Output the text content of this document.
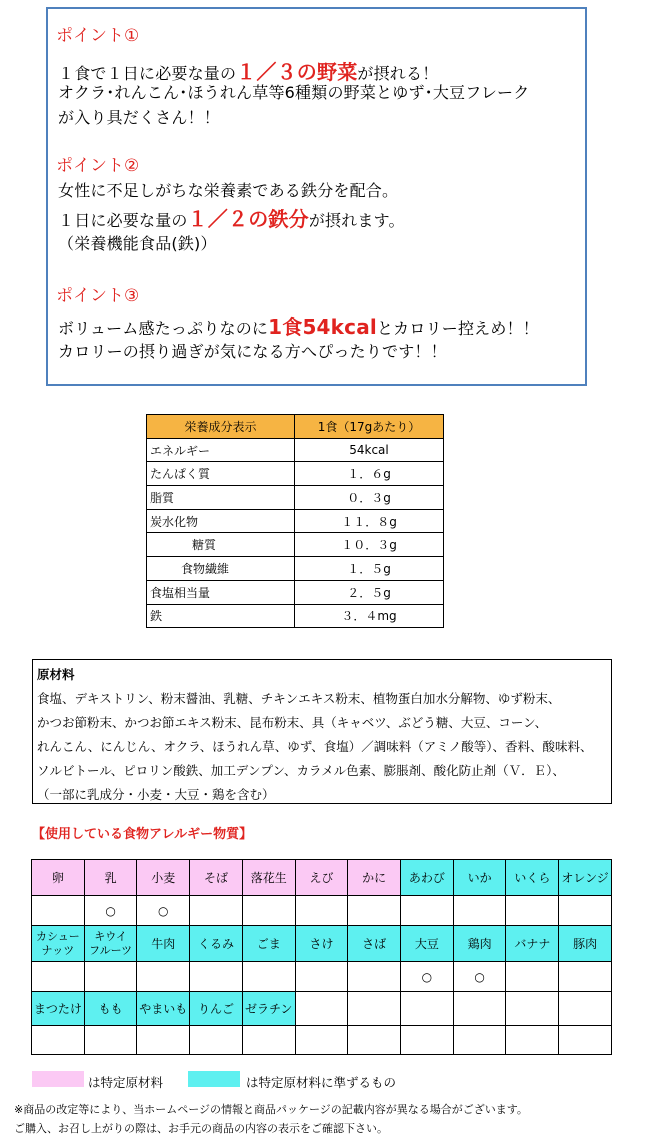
ポイント①
１食で１日に必要な量の１／３の野菜が摂れる！
オクラ･れんこん･ほうれん草等6種類の野菜とゆず･大豆フレーク
が入り具だくさん！！
ポイント②
女性に不足しがちな栄養素である鉄分を配合。
１日に必要な量の１／２の鉄分が摂れます。
（栄養機能食品(鉄)）
ポイント③
ボリューム感たっぷりなのに1食54kcalとカロリー控えめ！！
カロリーの摂り過ぎが気になる方へぴったりです！！
栄養成分表示	1食（17gあたり）
エネルギー	54kcal
たんぱく質	１．６g
脂質	０．３g
炭水化物	１１．８g
糖質	１０．３g
食物繊維	１．５g
食塩相当量	２．５g
鉄	３．４mg
原材料
食塩、デキストリン、粉末醤油、乳糖、チキンエキス粉末、植物蛋白加水分解物、ゆず粉末、
かつお節粉末、かつお節エキス粉末、昆布粉末、具（キャベツ、ぶどう糖、大豆、コーン、
れんこん、にんじん、オクラ、ほうれん草、ゆず、食塩）／調味料（アミノ酸等）、香料、酸味料、
ソルビトール、ピロリン酸鉄、加工デンプン、カラメル色素、膨脹剤、酸化防止剤（Ｖ．Ｅ）、
（一部に乳成分・小麦・大豆・鶏を含む）
【使用している食物アレルギー物質】
卵	乳	小麦	そば	落花生	えび	かに	あわび	いか	いくら	オレンジ
	○	○								
カシュー
ナッツ	キウイ
フルーツ	牛肉	くるみ	ごま	さけ	さば	大豆	鶏肉	バナナ	豚肉
							○	○		
まつたけ	もも	やまいも	りんご	ゼラチン						

は特定原材料	は特定原材料に準ずるもの
※商品の改定等により、当ホームページの情報と商品パッケージの記載内容が異なる場合がございます。
ご購入、お召し上がりの際は、お手元の商品の内容の表示をご確認下さい。
